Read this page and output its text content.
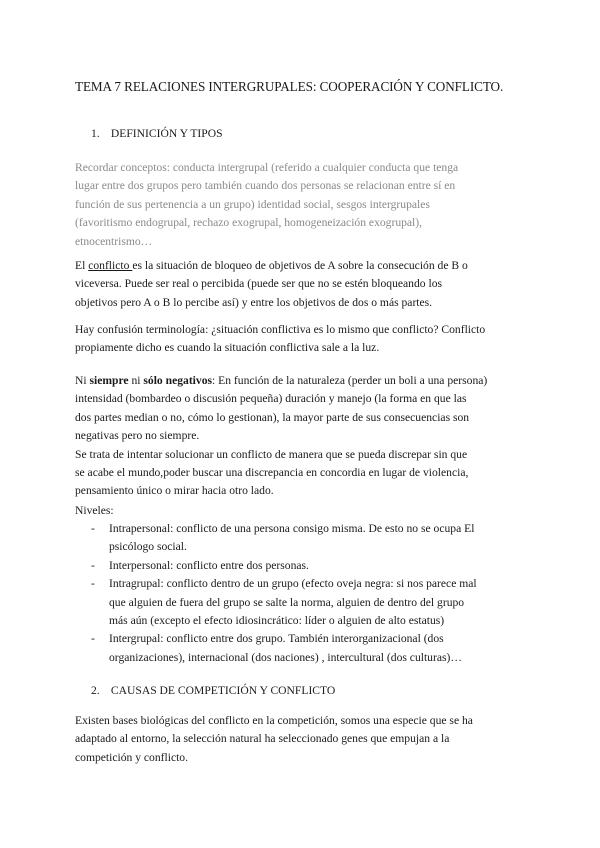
TEMA 7 RELACIONES INTERGRUPALES: COOPERACIÓN Y CONFLICTO.
1. DEFINICIÓN Y TIPOS

Recordar conceptos: conducta intergrupal (referido a cualquier conducta que tenga
lugar entre dos grupos pero también cuando dos personas se relacionan entre sí en
función de sus pertenencia a un grupo) identidad social, sesgos intergrupales
(favoritismo endogrupal, rechazo exogrupal, homogeneización exogrupal),
etnocentrismo…

El conflicto es la situación de bloqueo de objetivos de A sobre la consecución de B o
viceversa. Puede ser real o percibida (puede ser que no se estén bloqueando los
objetivos pero A o B lo percibe así) y entre los objetivos de dos o más partes.

Hay confusión terminología: ¿situación conflictiva es lo mismo que conflicto? Conflicto
propiamente dicho es cuando la situación conflictiva sale a la luz.

Ni siempre ni sólo negativos: En función de la naturaleza (perder un boli a una persona)
intensidad (bombardeo o discusión pequeña) duración y manejo (la forma en que las
dos partes median o no, cómo lo gestionan), la mayor parte de sus consecuencias son
negativas pero no siempre.
Se trata de intentar solucionar un conflicto de manera que se pueda discrepar sin que
se acabe el mundo,poder buscar una discrepancia en concordia en lugar de violencia,
pensamiento único o mirar hacia otro lado.

Niveles:

- Intrapersonal: conflicto de una persona consigo misma. De esto no se ocupa El
psicólogo social.
- Interpersonal: conflicto entre dos personas.
- Intragrupal: conflicto dentro de un grupo (efecto oveja negra: si nos parece mal
que alguien de fuera del grupo se salte la norma, alguien de dentro del grupo
más aún (excepto el efecto idiosincrático: líder o alguien de alto estatus)
- Intergrupal: conflicto entre dos grupo. También interorganizacional (dos
organizaciones), internacional (dos naciones) , intercultural (dos culturas)…
2. CAUSAS DE COMPETICIÓN Y CONFLICTO

Existen bases biológicas del conflicto en la competición, somos una especie que se ha
adaptado al entorno, la selección natural ha seleccionado genes que empujan a la
competición y conflicto.
